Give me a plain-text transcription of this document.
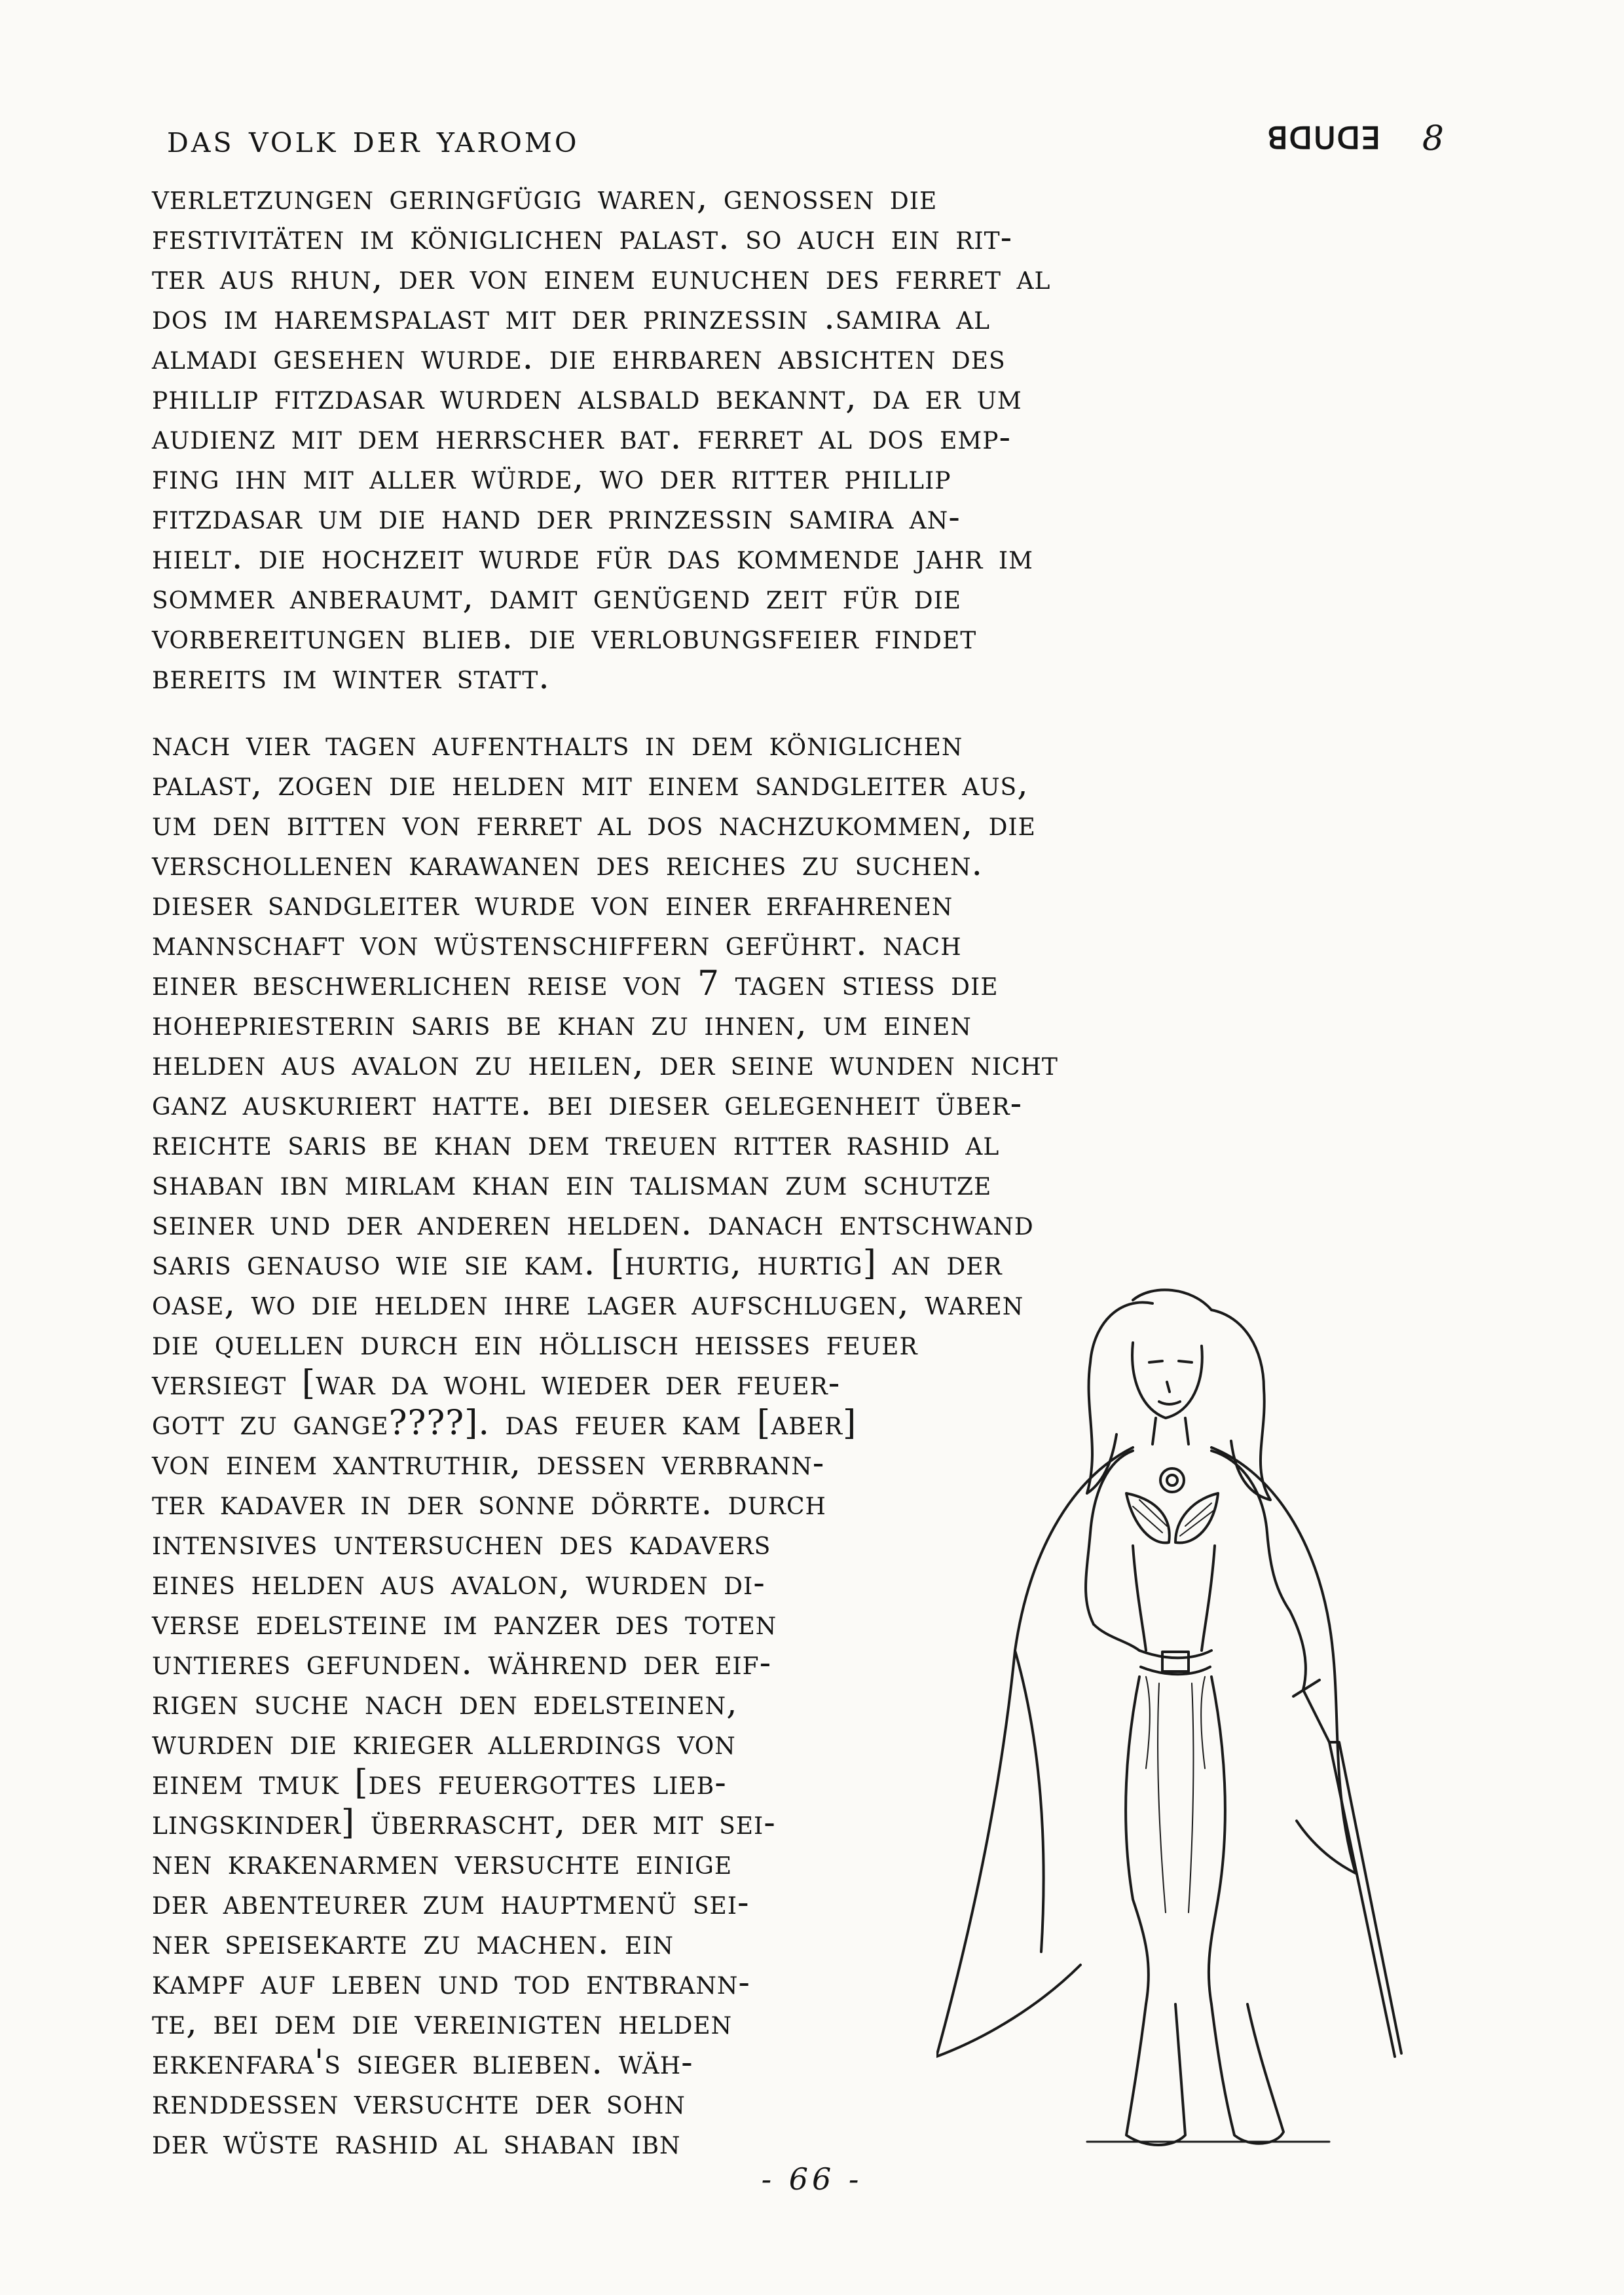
das volk der yaromo	ꓭꓷꓴꓷꓱ 8
verletzungen geringfügig waren, genossen die
festivitäten im königlichen palast. so auch ein rit-
ter aus rhun, der von einem eunuchen des ferret al
dos im haremspalast mit der prinzessin .samira al
almadi gesehen wurde. die ehrbaren absichten des
phillip fitzdasar wurden alsbald bekannt, da er um
audienz mit dem herrscher bat. ferret al dos emp-
fing ihn mit aller würde, wo der ritter phillip
fitzdasar um die hand der prinzessin samira an-
hielt. die hochzeit wurde für das kommende jahr im
sommer anberaumt, damit genügend zeit für die
vorbereitungen blieb. die verlobungsfeier findet
bereits im winter statt.
nach vier tagen aufenthalts in dem königlichen
palast, zogen die helden mit einem sandgleiter aus,
um den bitten von ferret al dos nachzukommen, die
verschollenen karawanen des reiches zu suchen.
dieser sandgleiter wurde von einer erfahrenen
mannschaft von wüstenschiffern geführt. nach
einer beschwerlichen reise von 7 tagen stieß die
hohepriesterin saris be khan zu ihnen, um einen
helden aus avalon zu heilen, der seine wunden nicht
ganz auskuriert hatte. bei dieser gelegenheit über-
reichte saris be khan dem treuen ritter rashid al
shaban ibn mirlam khan ein talisman zum schutze
seiner und der anderen helden. danach entschwand
saris genauso wie sie kam. [hurtig, hurtig] an der
oase, wo die helden ihre lager aufschlugen, waren
die quellen durch ein höllisch heißes feuer
versiegt [war da wohl wieder der feuer-
gott zu gange????]. das feuer kam [aber]
von einem xantruthir, dessen verbrann-
ter kadaver in der sonne dörrte. durch
intensives untersuchen des kadavers
eines helden aus avalon, wurden di-
verse edelsteine im panzer des toten
untieres gefunden. während der eif-
rigen suche nach den edelsteinen,
wurden die krieger allerdings von
einem tmuk [des feuergottes lieb-
lingskinder] überrascht, der mit sei-
nen krakenarmen versuchte einige
der abenteurer zum hauptmenü sei-
ner speisekarte zu machen. ein
kampf auf leben und tod entbrann-
te, bei dem die vereinigten helden
erkenfara's sieger blieben. wäh-
renddessen versuchte der sohn
der wüste rashid al shaban ibn
- 66 -
